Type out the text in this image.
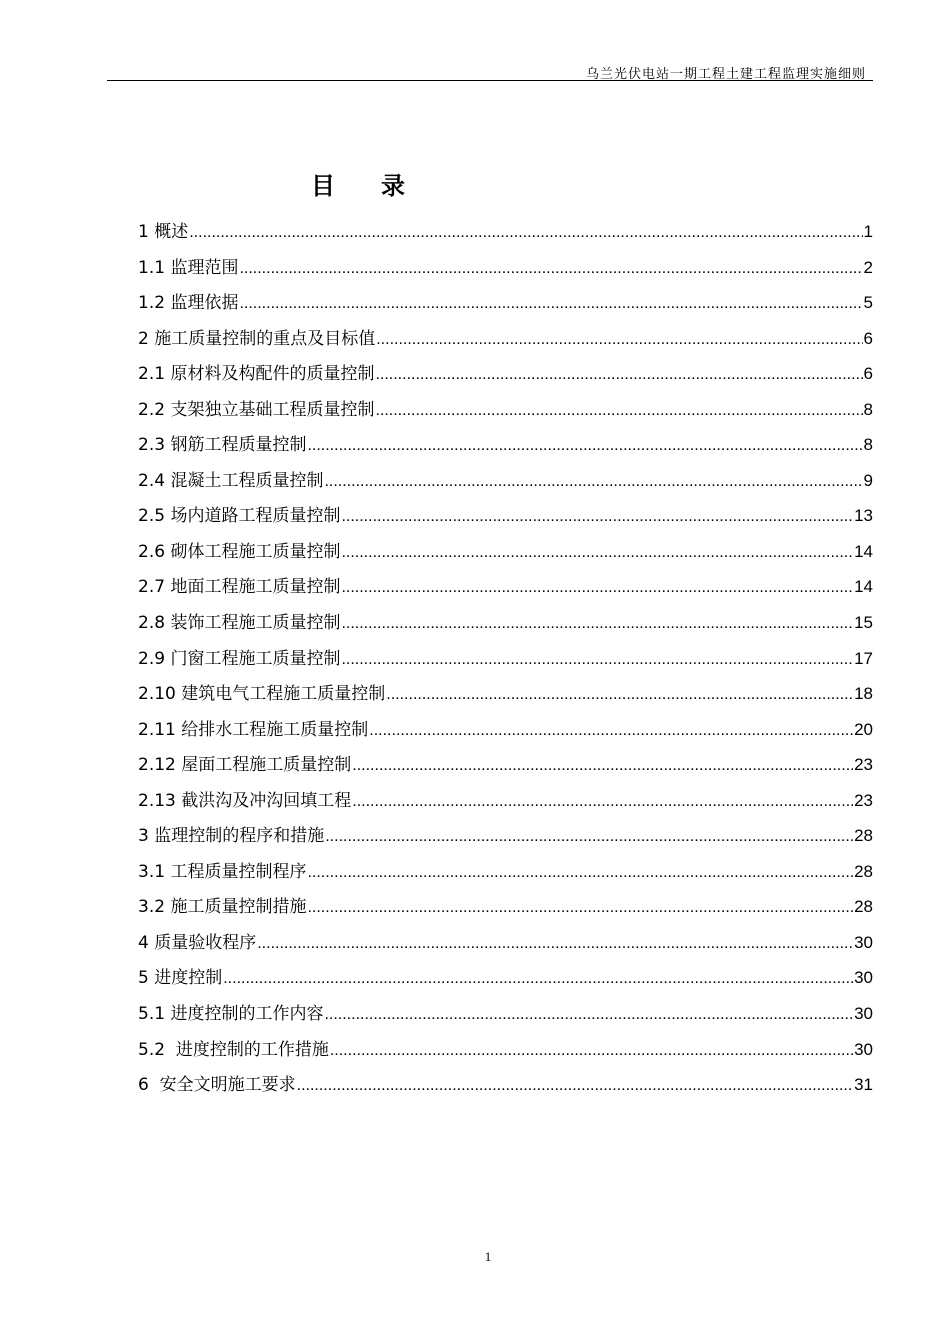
乌兰光伏电站一期工程土建工程监理实施细则
目 录
1 概述 .....	1
1.1 监理范围 .....	2
1.2 监理依据 .....	5
2 施工质量控制的重点及目标值 .....	6
2.1 原材料及构配件的质量控制 .....	6
2.2 支架独立基础工程质量控制 .....	8
2.3 钢筋工程质量控制 .....	8
2.4 混凝土工程质量控制 .....	9
2.5 场内道路工程质量控制 .....	13
2.6 砌体工程施工质量控制 .....	14
2.7 地面工程施工质量控制 .....	14
2.8 装饰工程施工质量控制 .....	15
2.9 门窗工程施工质量控制 .....	17
2.10 建筑电气工程施工质量控制 .....	18
2.11 给排水工程施工质量控制 .....	20
2.12 屋面工程施工质量控制 .....	23
2.13 截洪沟及冲沟回填工程 .....	23
3 监理控制的程序和措施 .....	28
3.1 工程质量控制程序 .....	28
3.2 施工质量控制措施 .....	28
4 质量验收程序 .....	30
5 进度控制 .....	30
5.1 进度控制的工作内容 .....	30
5.2  进度控制的工作措施 .....	30
6  安全文明施工要求 .....	31
1
